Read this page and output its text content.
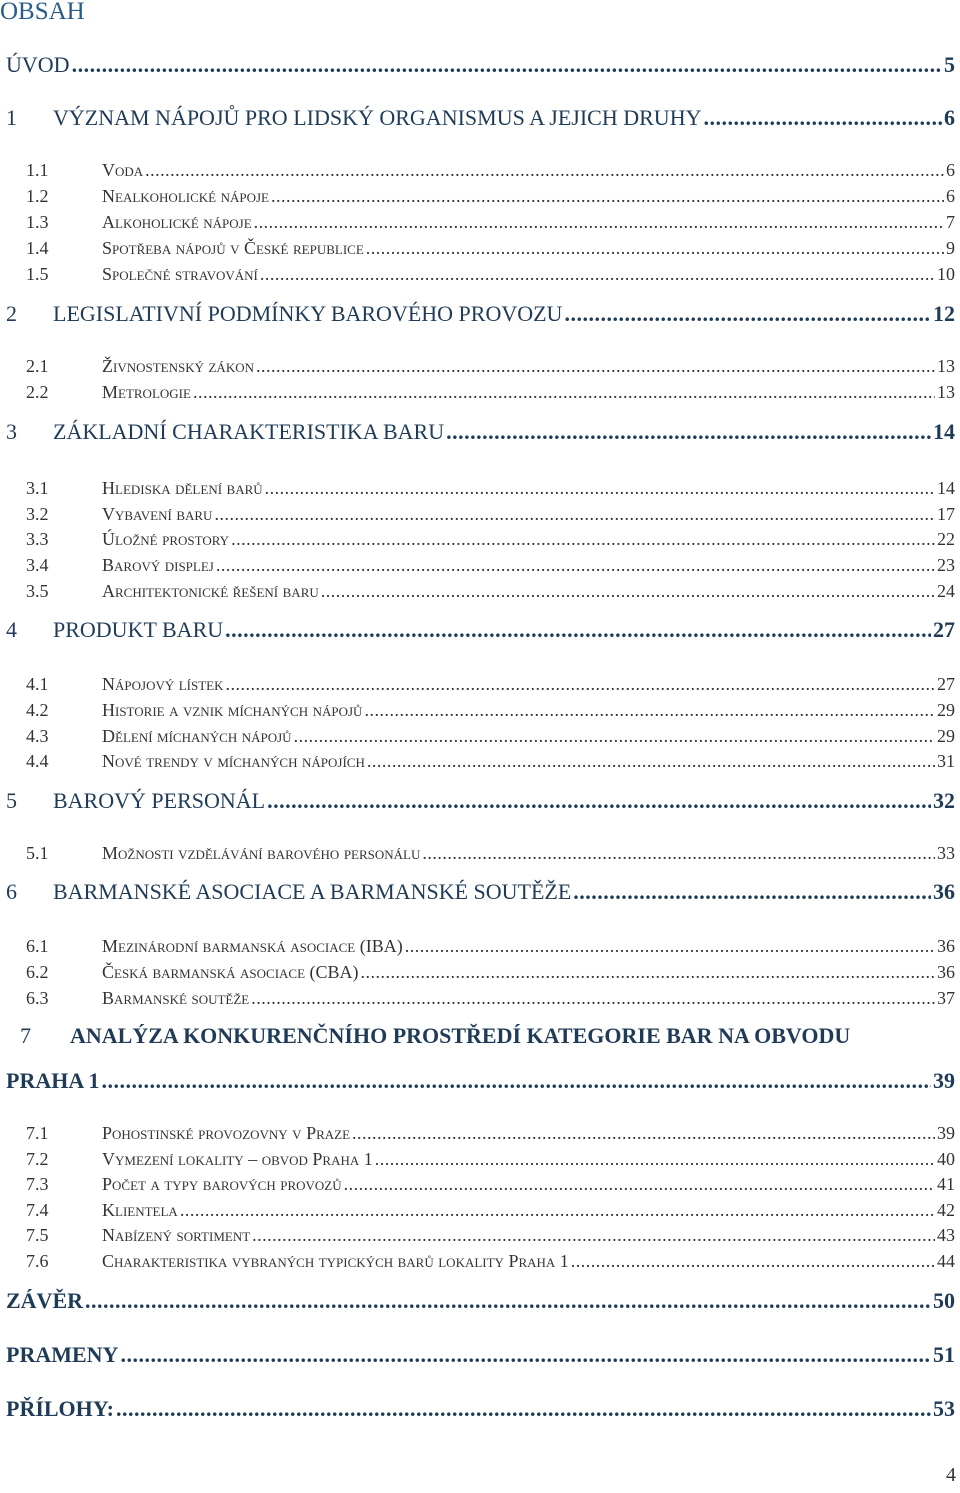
OBSAH
ÚVOD .....	5
1	VÝZNAM NÁPOJŮ PRO LIDSKÝ ORGANISMUS A JEJICH DRUHY .....	6
1.1	Voda .....	6
1.2	Nealkoholické nápoje .....	6
1.3	Alkoholické nápoje .....	7
1.4	Spotřeba nápojů v České republice .....	9
1.5	Společné stravování .....	10
2	LEGISLATIVNÍ PODMÍNKY BAROVÉHO PROVOZU .....	12
2.1	Živnostenský zákon .....	13
2.2	Metrologie .....	13
3	ZÁKLADNÍ CHARAKTERISTIKA BARU .....	14
3.1	Hlediska dělení barů .....	14
3.2	Vybavení baru .....	17
3.3	Úložné prostory .....	22
3.4	Barový displej .....	23
3.5	Architektonické řešení baru .....	24
4	PRODUKT BARU .....	27
4.1	Nápojový lístek .....	27
4.2	Historie a vznik míchaných nápojů .....	29
4.3	Dělení míchaných nápojů .....	29
4.4	Nové trendy v míchaných nápojích .....	31
5	BAROVÝ PERSONÁL .....	32
5.1	Možnosti vzdělávání barového personálu .....	33
6	BARMANSKÉ ASOCIACE A BARMANSKÉ SOUTĚŽE .....	36
6.1	Mezinárodní barmanská asociace (IBA) .....	36
6.2	Česká barmanská asociace (CBA) .....	36
6.3	Barmanské soutěže .....	37
7	ANALÝZA KONKURENČNÍHO PROSTŘEDÍ KATEGORIE BAR NA OBVODU
PRAHA 1 .....	39
7.1	Pohostinské provozovny v Praze .....	39
7.2	Vymezení lokality – obvod Praha 1 .....	40
7.3	Počet a typy barových provozů .....	41
7.4	Klientela .....	42
7.5	Nabízený sortiment .....	43
7.6	Charakteristika vybraných typických barů lokality Praha 1 .....	44
ZÁVĚR .....	50
PRAMENY .....	51
PŘÍLOHY: .....	53
4
